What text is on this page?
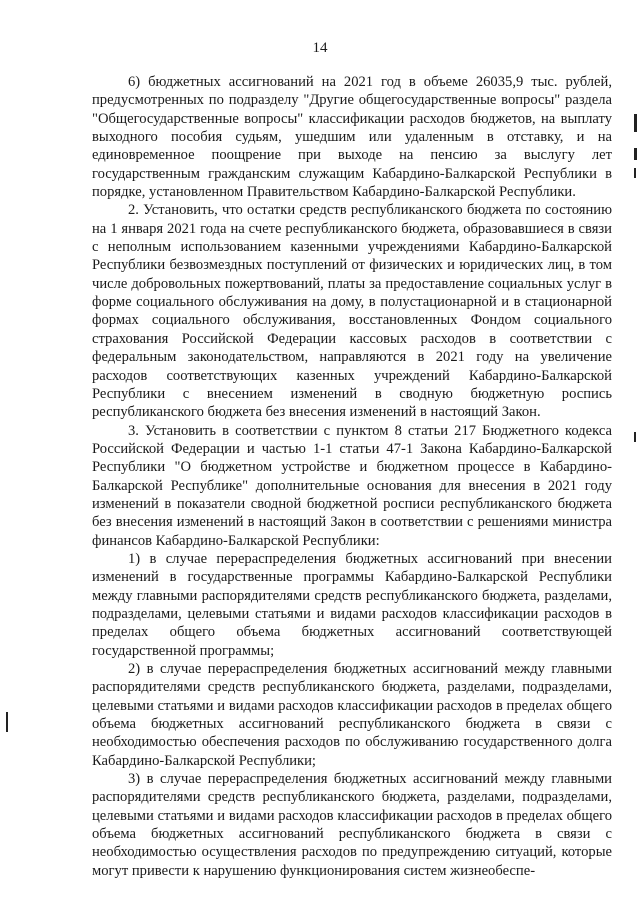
14

6) бюджетных ассигнований на 2021 год в объеме 26035,9 тыс. рублей, предусмотренных по подразделу "Другие общегосударственные вопросы" раздела "Общегосударственные вопросы" классификации расходов бюджетов, на выплату выходного пособия судьям, ушедшим или удаленным в отставку, и на единовременное поощрение при выходе на пенсию за выслугу лет государственным гражданским служащим Кабардино-Балкарской Республики в порядке, установленном Правительством Кабардино-Балкарской Республики.

2. Установить, что остатки средств республиканского бюджета по состоянию на 1 января 2021 года на счете республиканского бюджета, образовавшиеся в связи с неполным использованием казенными учреждениями Кабардино-Балкарской Республики безвозмездных поступлений от физических и юридических лиц, в том числе добровольных пожертвований, платы за предоставление социальных услуг в форме социального обслуживания на дому, в полустационарной и в стационарной формах социального обслуживания, восстановленных Фондом социального страхования Российской Федерации кассовых расходов в соответствии с федеральным законодательством, направляются в 2021 году на увеличение расходов соответствующих казенных учреждений Кабардино-Балкарской Республики с внесением изменений в сводную бюджетную роспись республиканского бюджета без внесения изменений в настоящий Закон.

3. Установить в соответствии с пунктом 8 статьи 217 Бюджетного кодекса Российской Федерации и частью 1-1 статьи 47-1 Закона Кабардино-Балкарской Республики "О бюджетном устройстве и бюджетном процессе в Кабардино-Балкарской Республике" дополнительные основания для внесения в 2021 году изменений в показатели сводной бюджетной росписи республиканского бюджета без внесения изменений в настоящий Закон в соответствии с решениями министра финансов Кабардино-Балкарской Республики:

1) в случае перераспределения бюджетных ассигнований при внесении изменений в государственные программы Кабардино-Балкарской Республики между главными распорядителями средств республиканского бюджета, разделами, подразделами, целевыми статьями и видами расходов классификации расходов в пределах общего объема бюджетных ассигнований соответствующей государственной программы;

2) в случае перераспределения бюджетных ассигнований между главными распорядителями средств республиканского бюджета, разделами, подразделами, целевыми статьями и видами расходов классификации расходов в пределах общего объема бюджетных ассигнований республиканского бюджета в связи с необходимостью обеспечения расходов по обслуживанию государственного долга Кабардино-Балкарской Республики;

3) в случае перераспределения бюджетных ассигнований между главными распорядителями средств республиканского бюджета, разделами, подразделами, целевыми статьями и видами расходов классификации расходов в пределах общего объема бюджетных ассигнований республиканского бюджета в связи с необходимостью осуществления расходов по предупреждению ситуаций, которые могут привести к нарушению функционирования систем жизнеобеспе-
